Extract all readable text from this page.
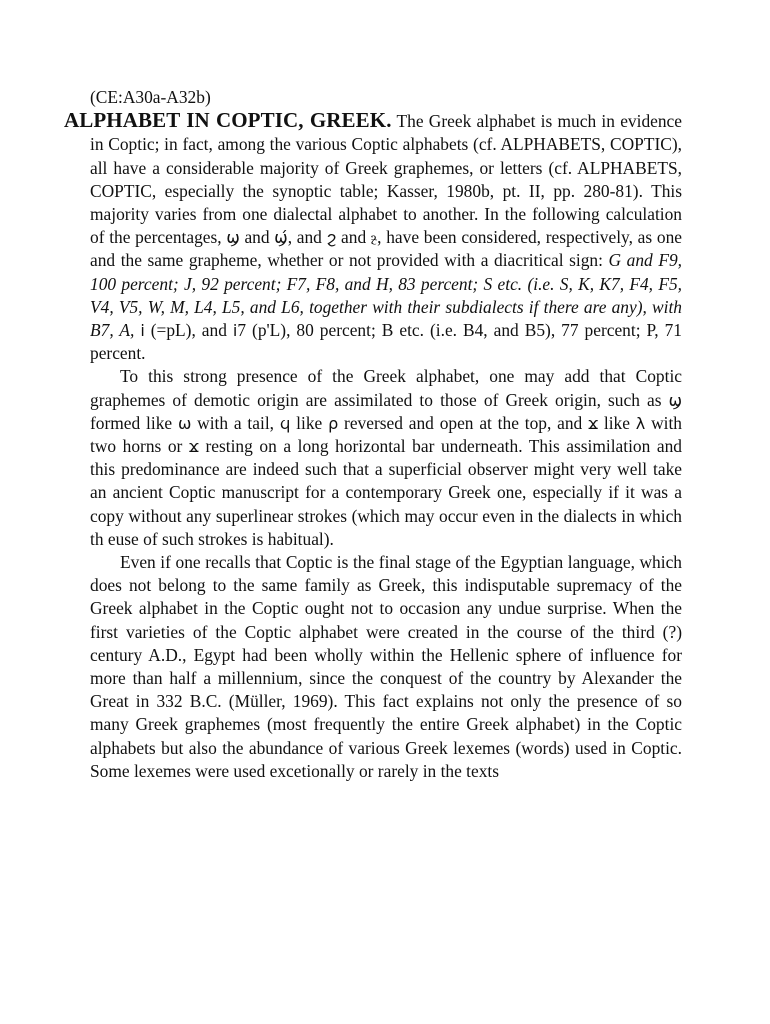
(CE:A30a-A32b)

ALPHABET IN COPTIC, GREEK. The Greek alphabet is much in evidence in Coptic; in fact, among the various Coptic alphabets (cf. ALPHABETS, COPTIC), all have a considerable majority of Greek graphemes, or letters (cf. ALPHABETS, COPTIC, especially the synoptic table; Kasser, 1980b, pt. II, pp. 280-81). This majority varies from one dialectal alphabet to another. In the following calculation of the percentages, ϣ and ϣ́, and ϩ and ⳉ, have been considered, respectively, as one and the same grapheme, whether or not provided with a diacritical sign: G and F9, 100 percent; J, 92 percent; F7, F8, and H, 83 percent; S etc. (i.e. S, K, K7, F4, F5, V4, V5, W, M, L4, L5, and L6, together with their subdialects if there are any), with B7, A, i (=pL), and i7 (p'L), 80 percent; B etc. (i.e. B4, and B5), 77 percent; P, 71 percent.

To this strong presence of the Greek alphabet, one may add that Coptic graphemes of demotic origin are assimilated to those of Greek origin, such as ϣ formed like ω with a tail, ϥ like ρ reversed and open at the top, and ϫ like λ with two horns or ϫ resting on a long horizontal bar underneath. This assimilation and this predominance are indeed such that a superficial observer might very well take an ancient Coptic manuscript for a contemporary Greek one, especially if it was a copy without any superlinear strokes (which may occur even in the dialects in which th euse of such strokes is habitual).

Even if one recalls that Coptic is the final stage of the Egyptian language, which does not belong to the same family as Greek, this indisputable supremacy of the Greek alphabet in the Coptic ought not to occasion any undue surprise. When the first varieties of the Coptic alphabet were created in the course of the third (?) century A.D., Egypt had been wholly within the Hellenic sphere of influence for more than half a millennium, since the conquest of the country by Alexander the Great in 332 B.C. (Müller, 1969). This fact explains not only the presence of so many Greek graphemes (most frequently the entire Greek alphabet) in the Coptic alphabets but also the abundance of various Greek lexemes (words) used in Coptic. Some lexemes were used excetionally or rarely in the texts
